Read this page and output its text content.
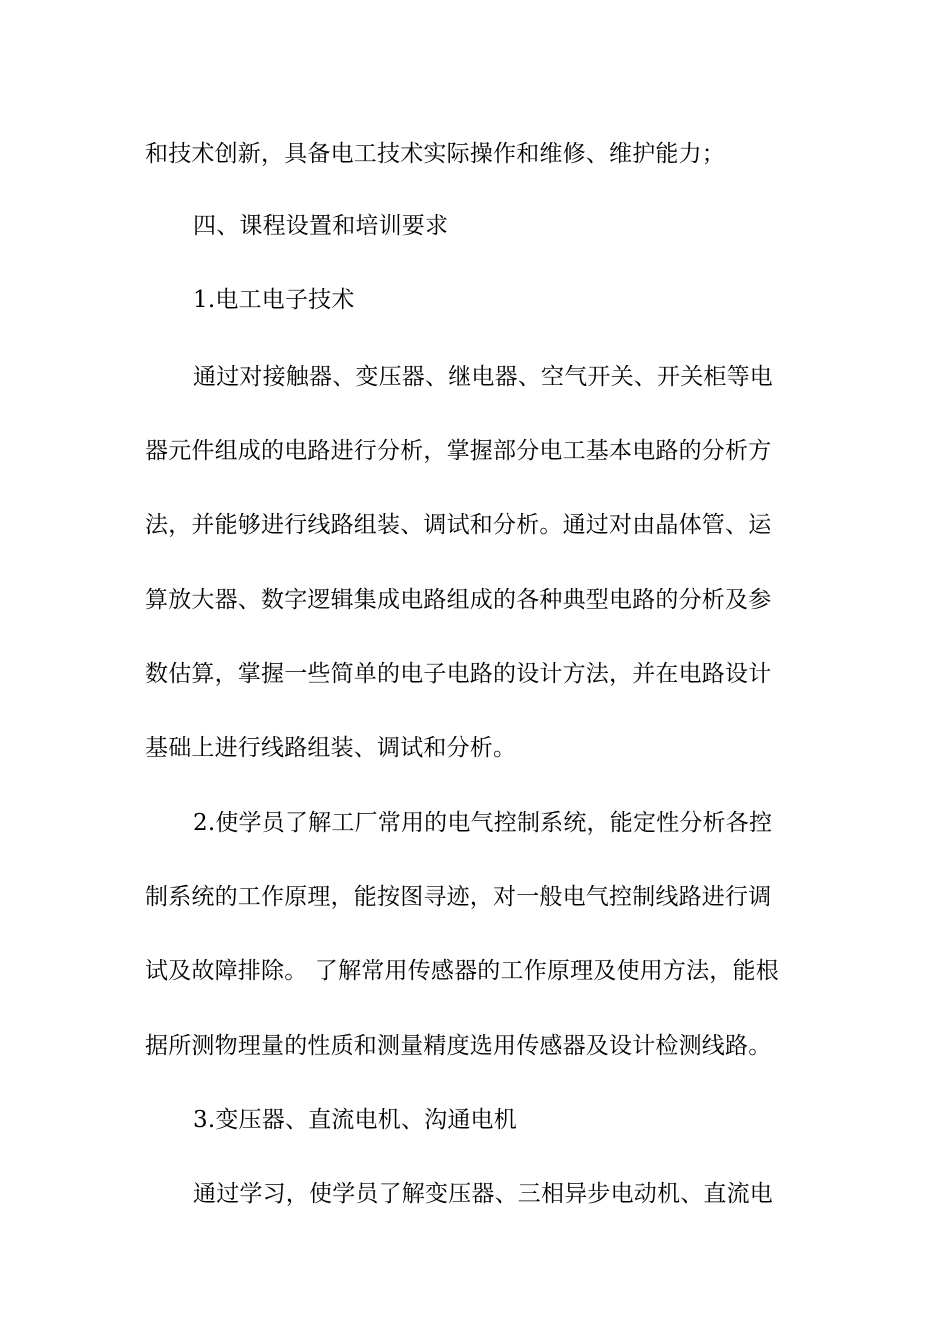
和技术创新，具备电工技术实际操作和维修、维护能力；
四、课程设置和培训要求
1.电工电子技术
通过对接触器、变压器、继电器、空气开关、开关柜等电
器元件组成的电路进行分析，掌握部分电工基本电路的分析方
法，并能够进行线路组装、调试和分析。通过对由晶体管、运
算放大器、数字逻辑集成电路组成的各种典型电路的分析及参
数估算，掌握一些简单的电子电路的设计方法，并在电路设计
基础上进行线路组装、调试和分析。
2.使学员了解工厂常用的电气控制系统，能定性分析各控
制系统的工作原理，能按图寻迹，对一般电气控制线路进行调
试及故障排除。 了解常用传感器的工作原理及使用方法，能根
据所测物理量的性质和测量精度选用传感器及设计检测线路。
3.变压器、直流电机、沟通电机
通过学习，使学员了解变压器、三相异步电动机、直流电
